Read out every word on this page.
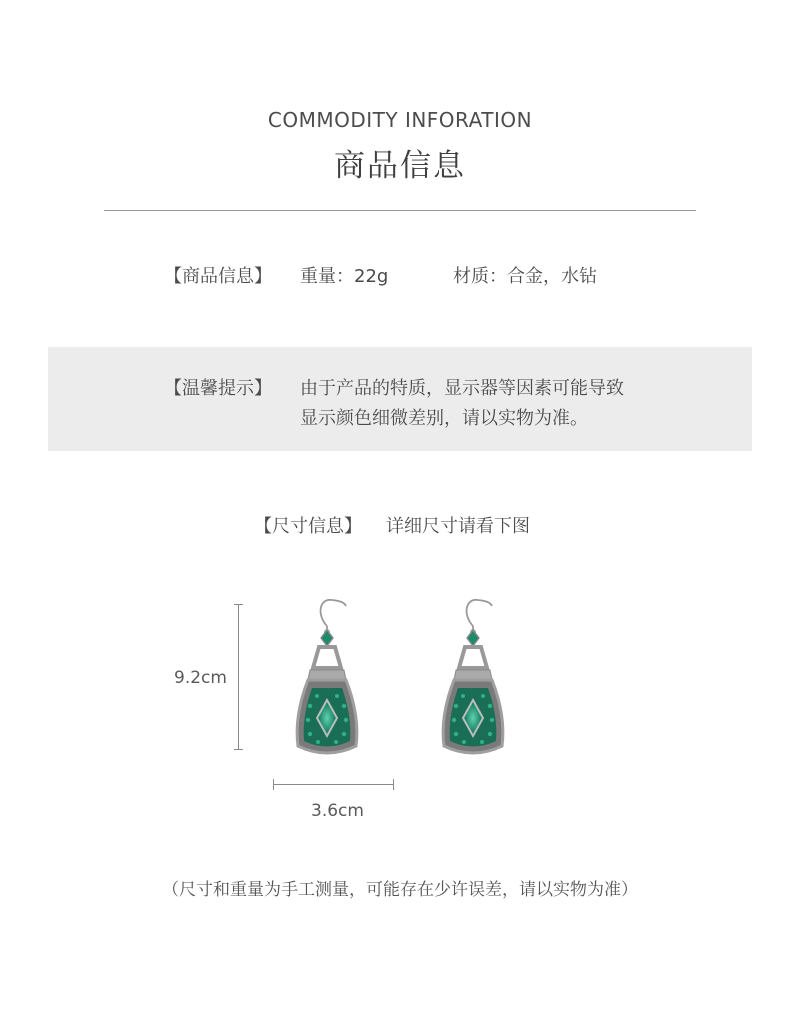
COMMODITY INFORATION
商品信息
【商品信息】 重量：22g	材质：合金，水钻
【温馨提示】 由于产品的特质，显示器等因素可能导致
显示颜色细微差别，请以实物为准。
【尺寸信息】 详细尺寸请看下图
9.2cm
3.6cm
（尺寸和重量为手工测量，可能存在少许误差，请以实物为准）
